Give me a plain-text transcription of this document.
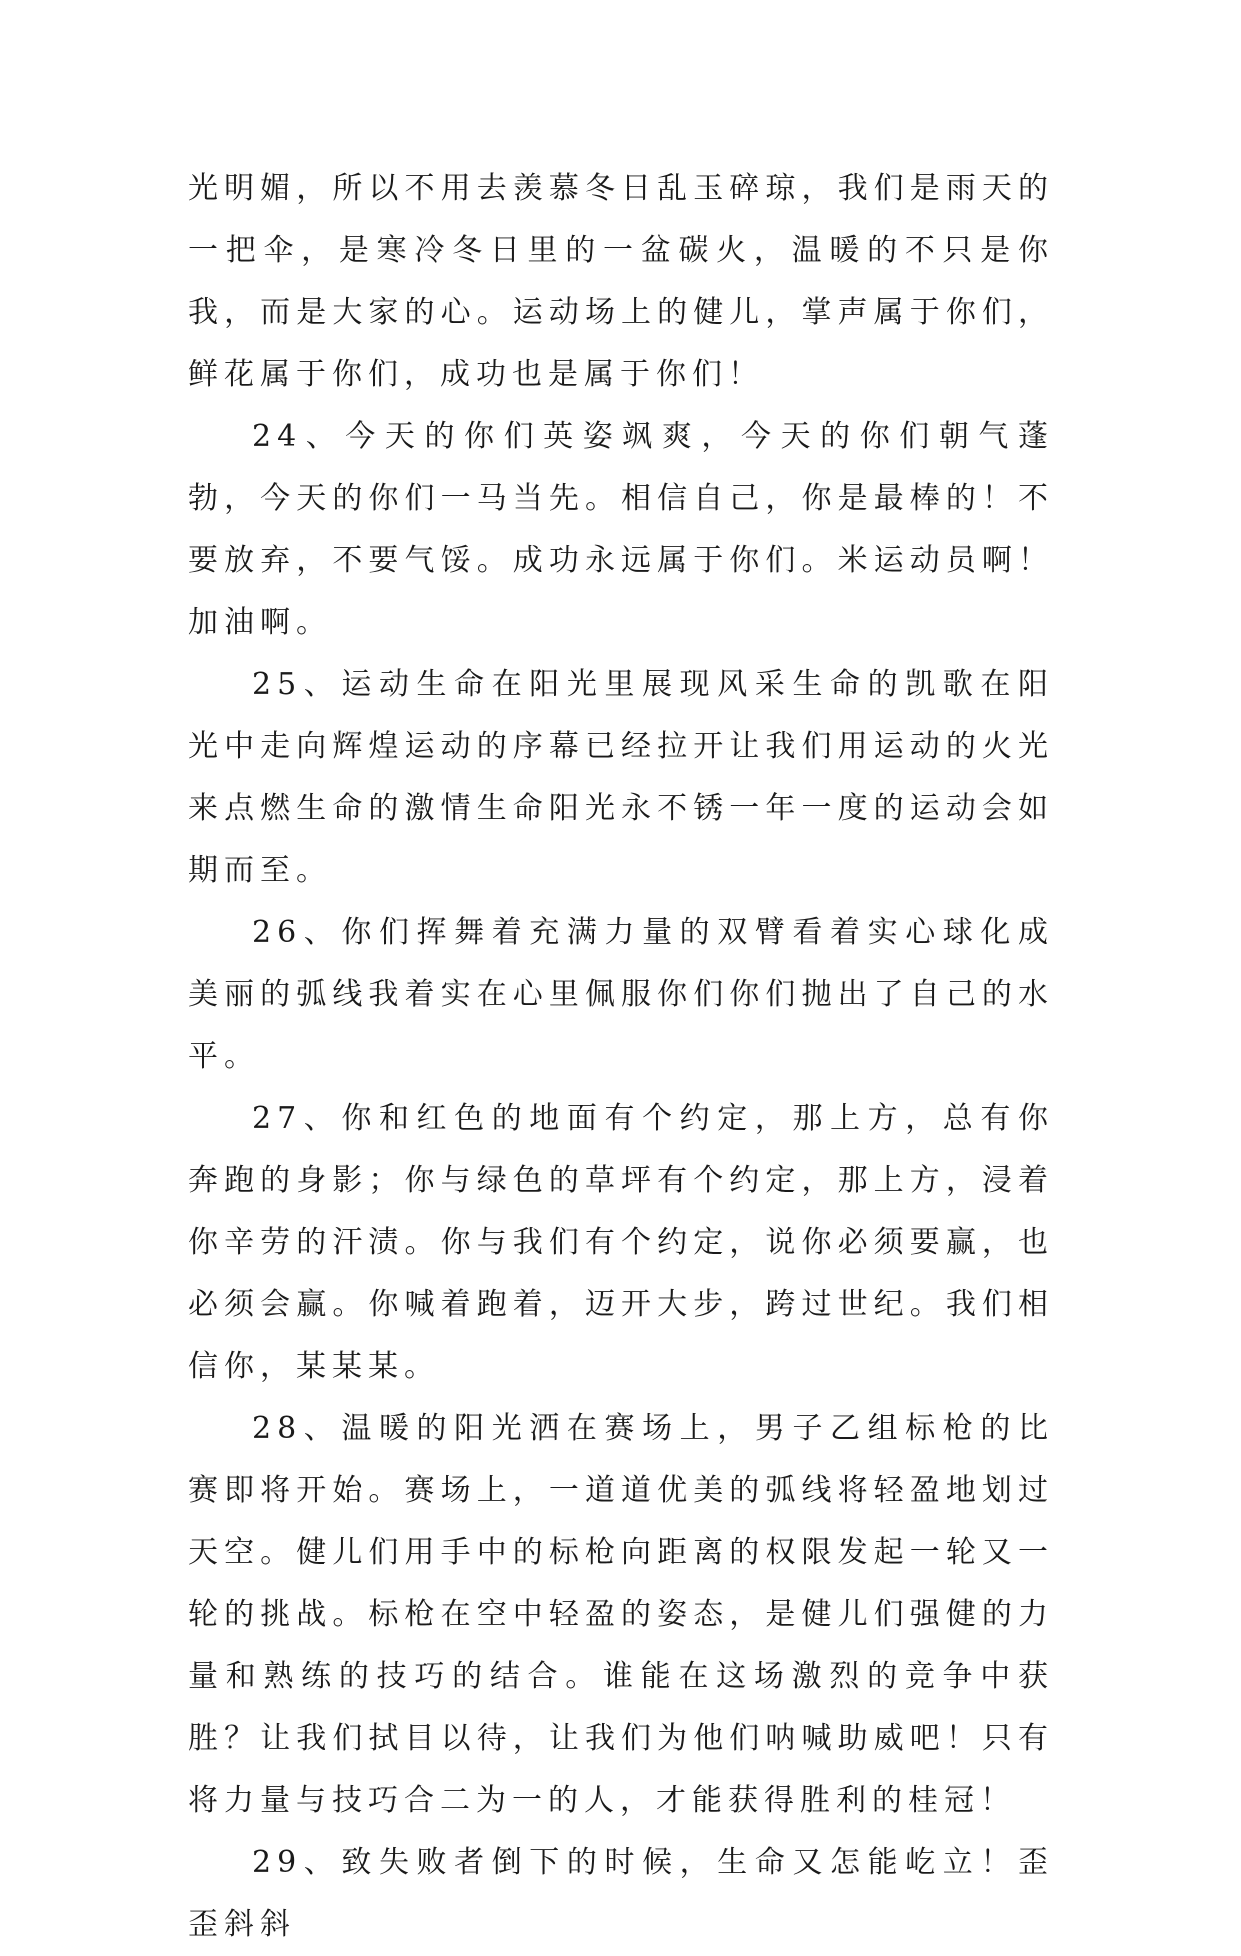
光明媚，所以不用去羡慕冬日乱玉碎琼，我们是雨天的一把伞，是寒冷冬日里的一盆碳火，温暖的不只是你我，而是大家的心。运动场上的健儿，掌声属于你们，鲜花属于你们，成功也是属于你们！

24、今天的你们英姿飒爽，今天的你们朝气蓬勃，今天的你们一马当先。相信自己，你是最棒的！不要放弃，不要气馁。成功永远属于你们。米运动员啊！加油啊。

25、运动生命在阳光里展现风采生命的凯歌在阳光中走向辉煌运动的序幕已经拉开让我们用运动的火光来点燃生命的激情生命阳光永不锈一年一度的运动会如期而至。

26、你们挥舞着充满力量的双臂看着实心球化成美丽的弧线我着实在心里佩服你们你们抛出了自己的水平。

27、你和红色的地面有个约定，那上方，总有你奔跑的身影；你与绿色的草坪有个约定，那上方，浸着你辛劳的汗渍。你与我们有个约定，说你必须要赢，也必须会赢。你喊着跑着，迈开大步，跨过世纪。我们相信你，某某某。

28、温暖的阳光洒在赛场上，男子乙组标枪的比赛即将开始。赛场上，一道道优美的弧线将轻盈地划过天空。健儿们用手中的标枪向距离的权限发起一轮又一轮的挑战。标枪在空中轻盈的姿态，是健儿们强健的力量和熟练的技巧的结合。谁能在这场激烈的竞争中获胜？让我们拭目以待，让我们为他们呐喊助威吧！只有将力量与技巧合二为一的人，才能获得胜利的桂冠！

29、致失败者倒下的时候，生命又怎能屹立！歪歪斜斜
